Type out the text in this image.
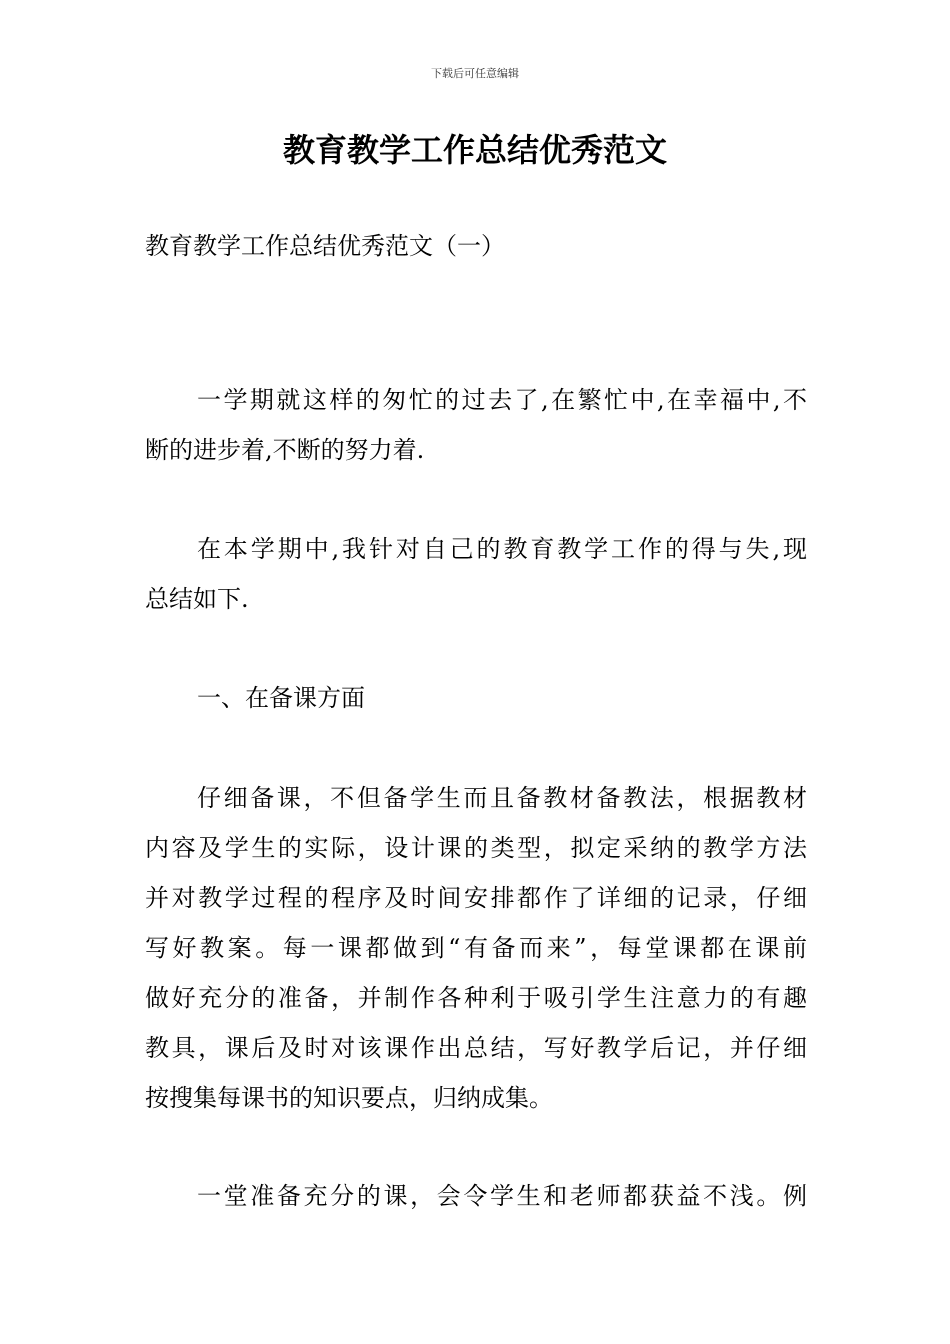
下载后可任意编辑
教育教学工作总结优秀范文

教育教学工作总结优秀范文（一）

一学期就这样的匆忙的过去了,在繁忙中,在幸福中,不
断的进步着,不断的努力着.

在本学期中,我针对自己的教育教学工作的得与失,现
总结如下.

一、在备课方面

仔细备课，不但备学生而且备教材备教法，根据教材
内容及学生的实际，设计课的类型，拟定采纳的教学方法
并对教学过程的程序及时间安排都作了详细的记录，仔细
写好教案。每一课都做到“有备而来”，每堂课都在课前
做好充分的准备，并制作各种利于吸引学生注意力的有趣
教具，课后及时对该课作出总结，写好教学后记，并仔细
按搜集每课书的知识要点，归纳成集。

一堂准备充分的课，会令学生和老师都获益不浅。例
